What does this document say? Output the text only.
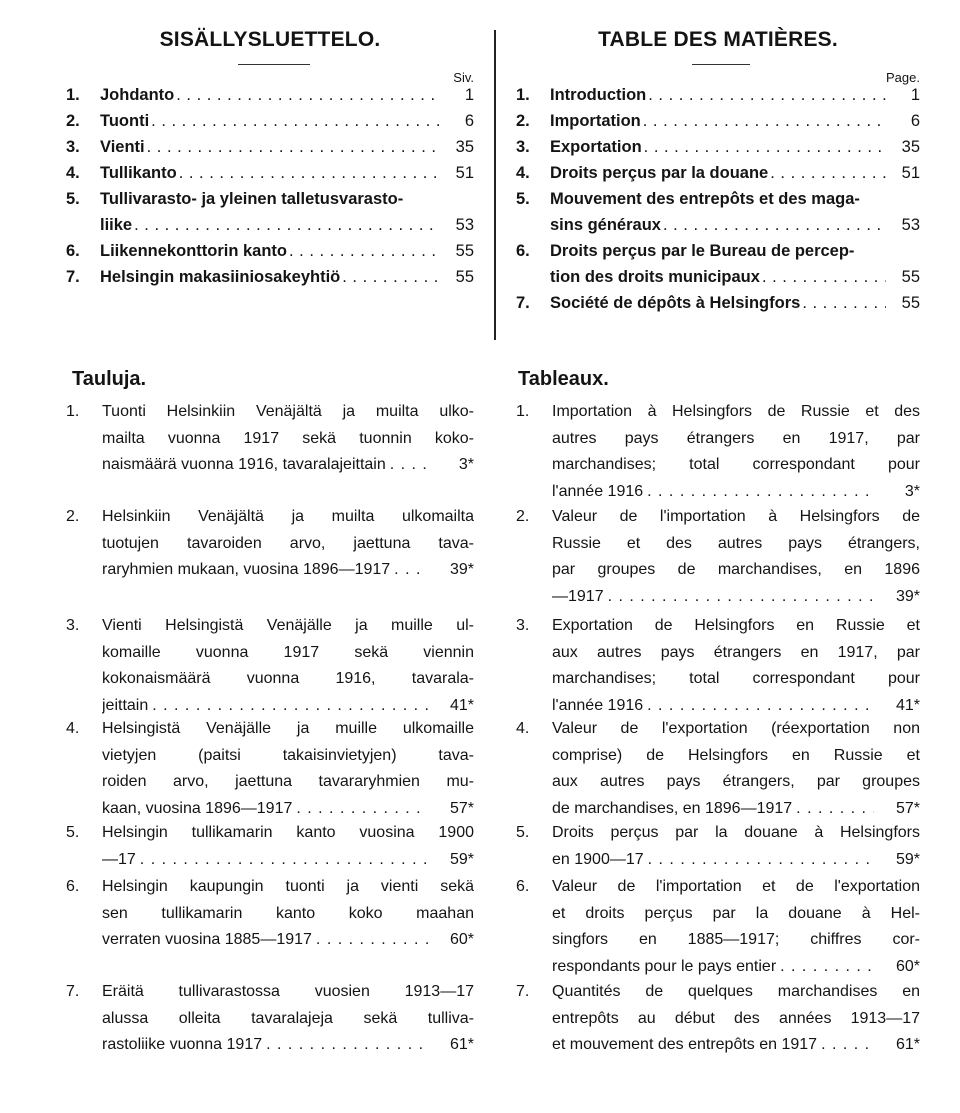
SISÄLLYSLUETTELO.
Siv.
1.	Johdanto . . .	1
2.	Tuonti . . .	6
3.	Vienti . . .	35
4.	Tullikanto . . .	51
5.	Tullivarasto- ja yleinen talletusvarasto-
liike . . .	53
6.	Liikennekonttorin kanto . . .	55
7.	Helsingin makasiiniosakeyhtiö . . .	55
Tauluja.
1.	Tuonti Helsinkiin Venäjältä ja muilta ulko-
mailta vuonna 1917 sekä tuonnin koko-
naismäärä vuonna 1916, tavaralajeittain . . .	3*
2.	Helsinkiin Venäjältä ja muilta ulkomailta
tuotujen tavaroiden arvo, jaettuna tava-
raryhmien mukaan, vuosina 1896—1917 . . .	39*
3.	Vienti Helsingistä Venäjälle ja muille ul-
komaille vuonna 1917 sekä viennin
kokonaismäärä vuonna 1916, tavarala-
jeittain . . .	41*
4.	Helsingistä Venäjälle ja muille ulkomaille
vietyjen (paitsi takaisinvietyjen) tava-
roiden arvo, jaettuna tavararyhmien mu-
kaan, vuosina 1896—1917 . . .	57*
5.	Helsingin tullikamarin kanto vuosina 1900
—17 . . .	59*
6.	Helsingin kaupungin tuonti ja vienti sekä
sen tullikamarin kanto koko maahan
verraten vuosina 1885—1917 . . .	60*
7.	Eräitä tullivarastossa vuosien 1913—17
alussa olleita tavaralajeja sekä tulliva-
rastoliike vuonna 1917 . . .	61*
TABLE DES MATIÈRES.
Page.
1.	Introduction . . .	1
2.	Importation . . .	6
3.	Exportation . . .	35
4.	Droits perçus par la douane . . .	51
5.	Mouvement des entrepôts et des maga-
sins généraux . . .	53
6.	Droits perçus par le Bureau de percep-
tion des droits municipaux . . .	55
7.	Société de dépôts à Helsingfors . . .	55
Tableaux.
1.	Importation à Helsingfors de Russie et des
autres pays étrangers en 1917, par
marchandises; total correspondant pour
l'année 1916 . . .	3*
2.	Valeur de l'importation à Helsingfors de
Russie et des autres pays étrangers,
par groupes de marchandises, en 1896
—1917 . . .	39*
3.	Exportation de Helsingfors en Russie et
aux autres pays étrangers en 1917, par
marchandises; total correspondant pour
l'année 1916 . . .	41*
4.	Valeur de l'exportation (réexportation non
comprise) de Helsingfors en Russie et
aux autres pays étrangers, par groupes
de marchandises, en 1896—1917 . . .	57*
5.	Droits perçus par la douane à Helsingfors
en 1900—17 . . .	59*
6.	Valeur de l'importation et de l'exportation
et droits perçus par la douane à Hel-
singfors en 1885—1917; chiffres cor-
respondants pour le pays entier . . .	60*
7.	Quantités de quelques marchandises en
entrepôts au début des années 1913—17
et mouvement des entrepôts en 1917 . . .	61*
